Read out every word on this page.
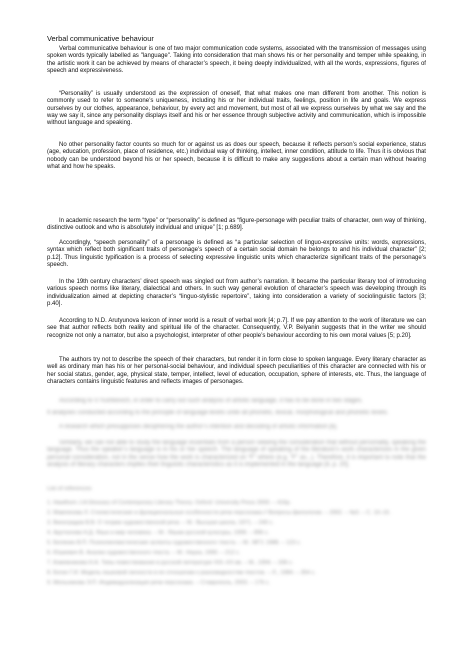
Verbal communicative behaviour

Verbal communicative behaviour is one of two major communication code systems, associated with the transmission of messages using spoken words typically labelled as "language". Taking into consideration that man shows his or her personality and temper while speaking, in the artistic work it can be achieved by means of character’s speech, it being deeply individualized, with all the words, expressions, figures of speech and expressiveness.

“Personality” is usually understood as the expression of oneself, that what makes one man different from another. This notion is commonly used to refer to someone’s uniqueness, including his or her individual traits, feelings, position in life and goals. We express ourselves by our clothes, appearance, behaviour, by every act and movement, but most of all we express ourselves by what we say and the way we say it, since any personality displays itself and his or her essence through subjective activity and communication, which is impossible without language and speaking.

No other personality factor counts so much for or against us as does our speech, because it reflects person’s social experience, status (age, education, profession, place of residence, etc.) individual way of thinking, intellect, inner condition, attitude to life. Thus it is obvious that nobody can be understood beyond his or her speech, because it is difficult to make any suggestions about a certain man without hearing what and how he speaks.

In academic research the term “type” or “personality” is defined as “figure-personage with peculiar traits of character, own way of thinking, distinctive outlook and who is absolutely individual and unique” [1; p.689].

Accordingly, “speech personality” of a personage is defined as “a particular selection of linguo-expressive units: words, expressions, syntax which reflect both significant traits of personage’s speech of a certain social domain he belongs to and his individual character” [2; p.12]. Thus linguistic typification is a process of selecting expressive linguistic units which characterize significant traits of the personage’s speech.

In the 19th century characters’ direct speech was singled out from author’s narration. It became the particular literary tool of introducing various speech norms like literary, dialectical and others. In such way general evolution of character’s speech was developing through its individualization aimed at depicting character’s “linguo-stylistic repertoire”, taking into consideration a variety of sociolinguistic factors [3; p.40].

According to N.D. Arutyunova lexicon of inner world is a result of verbal work [4; p.7]. If we pay attention to the work of literature we can see that author reflects both reality and spiritual life of the character. Consequently, V.P. Belyanin suggests that in the writer we should recognize not only a narrator, but also a psychologist, interpreter of other people’s behaviour according to his own moral values [5; p.20].

The authors try not to describe the speech of their characters, but render it in form close to spoken language. Every literary character as well as ordinary man has his or her personal-social behaviour, and individual speech peculiarities of this character are connected with his or her social status, gender, age, physical state, temper, intellect, level of education, occupation, sphere of interests, etc. Thus, the language of characters contains linguistic features and reflects images of personages.

According to V.Yushkevich, in order to carry out such analysis of artistic language, it has to be done in two stages.

It analyses conducted according to the principle of language-levels unite all phonetic, lexical, morphological and phonetic levels.

A research which presupposes deciphering the author’s intention and decoding of artistic information [6].

Similarly, we can not able to study the language essentials from a person viewing the consideration that without personality, speaking the language. Thus the speaker’s language is in his or her speech. The language of speaking of the literature’s work characterizes in the given personal consideration, not in the sense how the work is characterized on “F” where (e.g. “F” as...). Therefore, it is important to note that the analysis of literary characters implies their linguistic characteristics as it is implemented in the language [4, p. 20].

List of references
1. Hawthorn J.A Glossary of Contemporary Literary Theory. Oxford: University Press 2000. – 416p.
2. Мавлянова Л. Стилистические и функциональные особенности речи персонажа // Вопросы филологии. – 2002. – №3. – С. 10–15.
3. Виноградов В.В. О теории художественной речи. – М.: Высшая школа, 1971. – 240 с.
4. Арутюнова Н.Д. Язык и мир человека. – М.: Языки русской культуры, 1999. – 896 с.
5. Белянин В.П. Психолингвистические аспекты художественного текста. – М.: МГУ, 1988. – 123 с.
6. Юшкевич В. Анализ художественного текста. – М.: Наука, 1990. – 212 с.
7. Кожевникова Н.А. Типы повествования в русской литературе XIX–XX вв. – М., 1994. – 336 с.
8. Богин Г.И. Модель языковой личности в ее отношении к разновидностям текстов. – Л., 1984. – 354 с.
9. Мельникова Э.П. Индивидуализация речи персонажа. – Ставрополь, 2003. – 176 с.
